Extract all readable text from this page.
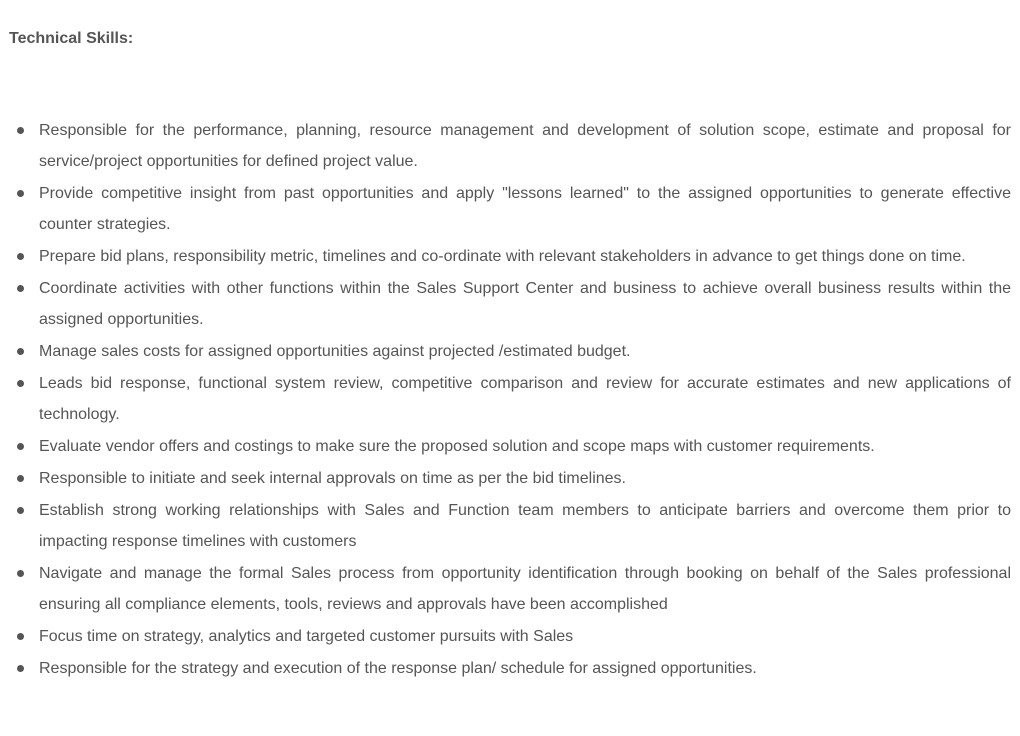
Technical Skills:
Responsible for the performance, planning, resource management and development of solution scope, estimate and proposal for service/project opportunities for defined project value.
Provide competitive insight from past opportunities and apply "lessons learned" to the assigned opportunities to generate effective counter strategies.
Prepare bid plans, responsibility metric, timelines and co-ordinate with relevant stakeholders in advance to get things done on time.
Coordinate activities with other functions within the Sales Support Center and business to achieve overall business results within the assigned opportunities.
Manage sales costs for assigned opportunities against projected /estimated budget.
Leads bid response, functional system review, competitive comparison and review for accurate estimates and new applications of technology.
Evaluate vendor offers and costings to make sure the proposed solution and scope maps with customer requirements.
Responsible to initiate and seek internal approvals on time as per the bid timelines.
Establish strong working relationships with Sales and Function team members to anticipate barriers and overcome them prior to impacting response timelines with customers
Navigate and manage the formal Sales process from opportunity identification through booking on behalf of the Sales professional ensuring all compliance elements, tools, reviews and approvals have been accomplished
Focus time on strategy, analytics and targeted customer pursuits with Sales
Responsible for the strategy and execution of the response plan/ schedule for assigned opportunities.
